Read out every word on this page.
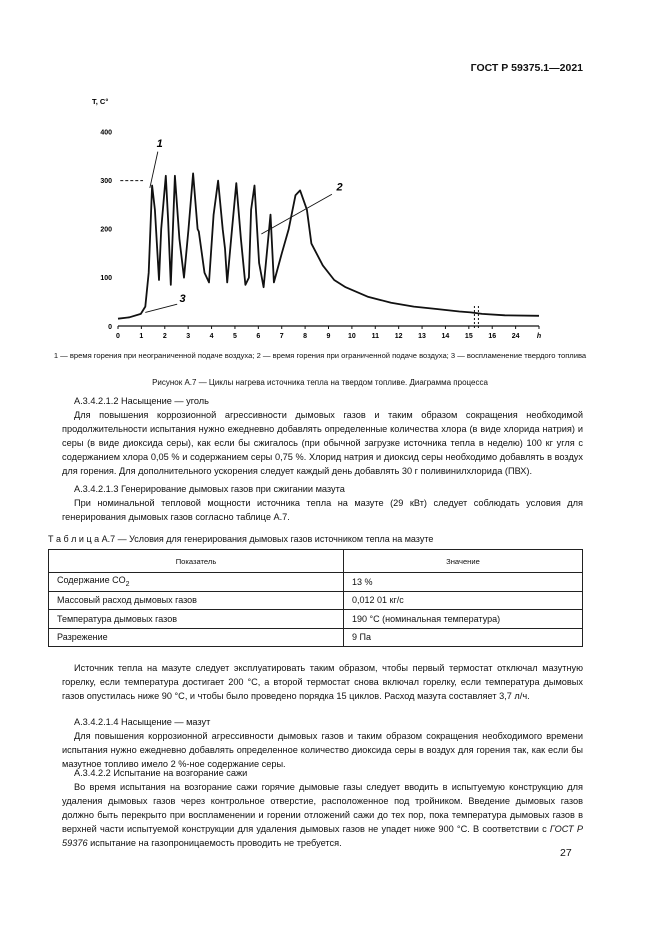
ГОСТ Р 59375.1—2021
T, C°
100
200
300
400
0
0	1	2	3	4	5	6	7	8	9	10 11 12 13 14 15 16 24 h
1
2
3
1 — время горения при неограниченной подаче воздуха; 2 — время горения при ограниченной подаче воздуха; 3 — воспламенение твердого топлива
Рисунок А.7 — Циклы нагрева источника тепла на твердом топливе. Диаграмма процесса

А.3.4.2.1.2 Насыщение — уголь

Для повышения коррозионной агрессивности дымовых газов и таким образом сокращения необходимой продолжительности испытания нужно ежедневно добавлять определенные количества хлора (в виде хлорида натрия) и серы (в виде диоксида серы), как если бы сжигалось (при обычной загрузке источника тепла в неделю) 100 кг угля с содержанием хлора 0,05 % и содержанием серы 0,75 %. Хлорид натрия и диоксид серы необходимо добавлять в воздух для горения. Для дополнительного ускорения следует каждый день добавлять 30 г поливинилхлорида (ПВХ).

А.3.4.2.1.3 Генерирование дымовых газов при сжигании мазута

При номинальной тепловой мощности источника тепла на мазуте (29 кВт) следует соблюдать условия для генерирования дымовых газов согласно таблице А.7.

Т а б л и ц а А.7 — Условия для генерирования дымовых газов источником тепла на мазуте
Показатель	Значение
Содержание $CO_2$	13 %
Массовый расход дымовых газов	0,012 01 кг/с
Температура дымовых газов	190 °С (номинальная температура)
Разрежение	9 Па

Источник тепла на мазуте следует эксплуатировать таким образом, чтобы первый термостат отключал мазутную горелку, если температура достигает 200 °С, а второй термостат снова включал горелку, если температура дымовых газов опустилась ниже 90 °С, и чтобы было проведено порядка 15 циклов. Расход мазута составляет 3,7 л/ч.

А.3.4.2.1.4 Насыщение — мазут

Для повышения коррозионной агрессивности дымовых газов и таким образом сокращения необходимого времени испытания нужно ежедневно добавлять определенное количество диоксида серы в воздух для горения так, как если бы мазутное топливо имело 2 %-ное содержание серы.

А.3.4.2.2 Испытание на возгорание сажи

Во время испытания на возгорание сажи горячие дымовые газы следует вводить в испытуемую конструкцию для удаления дымовых газов через контрольное отверстие, расположенное под тройником. Введение дымовых газов должно быть перекрыто при воспламенении и горении отложений сажи до тех пор, пока температура дымовых газов в верхней части испытуемой конструкции для удаления дымовых газов не упадет ниже 900 °С. В соответствии с ГОСТ Р 59376 испытание на газопроницаемость проводить не требуется.

27
